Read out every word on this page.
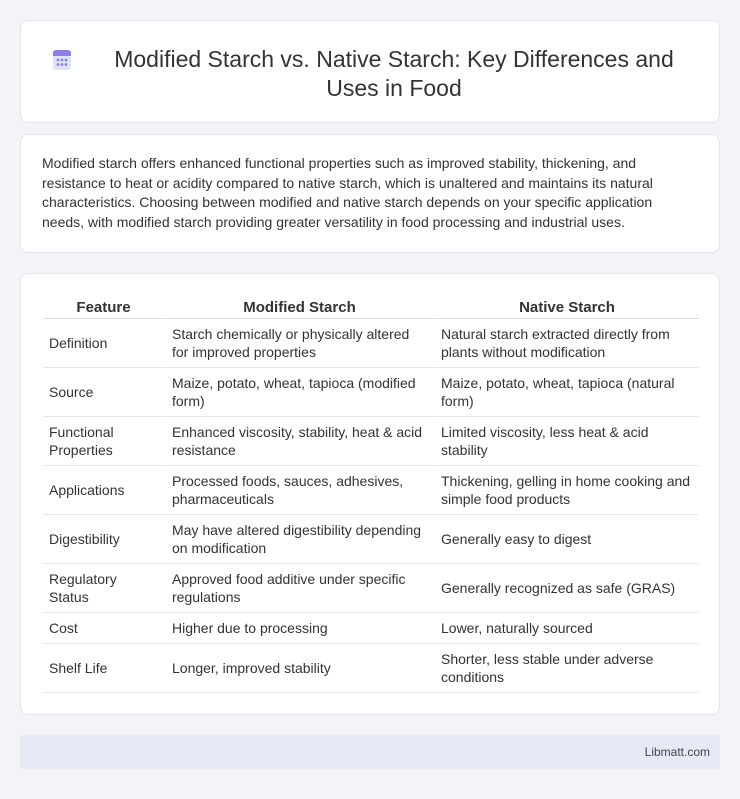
Modified Starch vs. Native Starch: Key Differences and Uses in Food

Modified starch offers enhanced functional properties such as improved stability, thickening, and resistance to heat or acidity compared to native starch, which is unaltered and maintains its natural characteristics. Choosing between modified and native starch depends on your specific application needs, with modified starch providing greater versatility in food processing and industrial uses.

Feature	Modified Starch	Native Starch
Definition	Starch chemically or physically altered for improved properties	Natural starch extracted directly from plants without modification
Source	Maize, potato, wheat, tapioca (modified form)	Maize, potato, wheat, tapioca (natural form)
Functional Properties	Enhanced viscosity, stability, heat & acid resistance	Limited viscosity, less heat & acid stability
Applications	Processed foods, sauces, adhesives, pharmaceuticals	Thickening, gelling in home cooking and simple food products
Digestibility	May have altered digestibility depending on modification	Generally easy to digest
Regulatory Status	Approved food additive under specific regulations	Generally recognized as safe (GRAS)
Cost	Higher due to processing	Lower, naturally sourced
Shelf Life	Longer, improved stability	Shorter, less stable under adverse conditions
Libmatt.com
